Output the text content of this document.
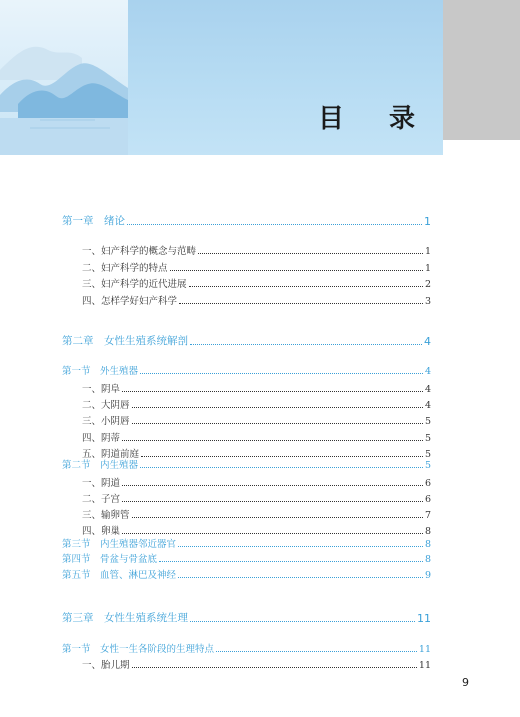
目 录
第一章　绪论	1
一、妇产科学的概念与范畴	1
二、妇产科学的特点	1
三、妇产科学的近代进展	2
四、怎样学好妇产科学	3
第二章　女性生殖系统解剖	4
第一节　外生殖器	4
一、阴阜	4
二、大阴唇	4
三、小阴唇	5
四、阴蒂	5
五、阴道前庭	5
第二节　内生殖器	5
一、阴道	6
二、子宫	6
三、输卵管	7
四、卵巢	8
第三节　内生殖器邻近器官	8
第四节　骨盆与骨盆底	8
第五节　血管、淋巴及神经	9
第三章　女性生殖系统生理	11
第一节　女性一生各阶段的生理特点	11
一、胎儿期	11
9
